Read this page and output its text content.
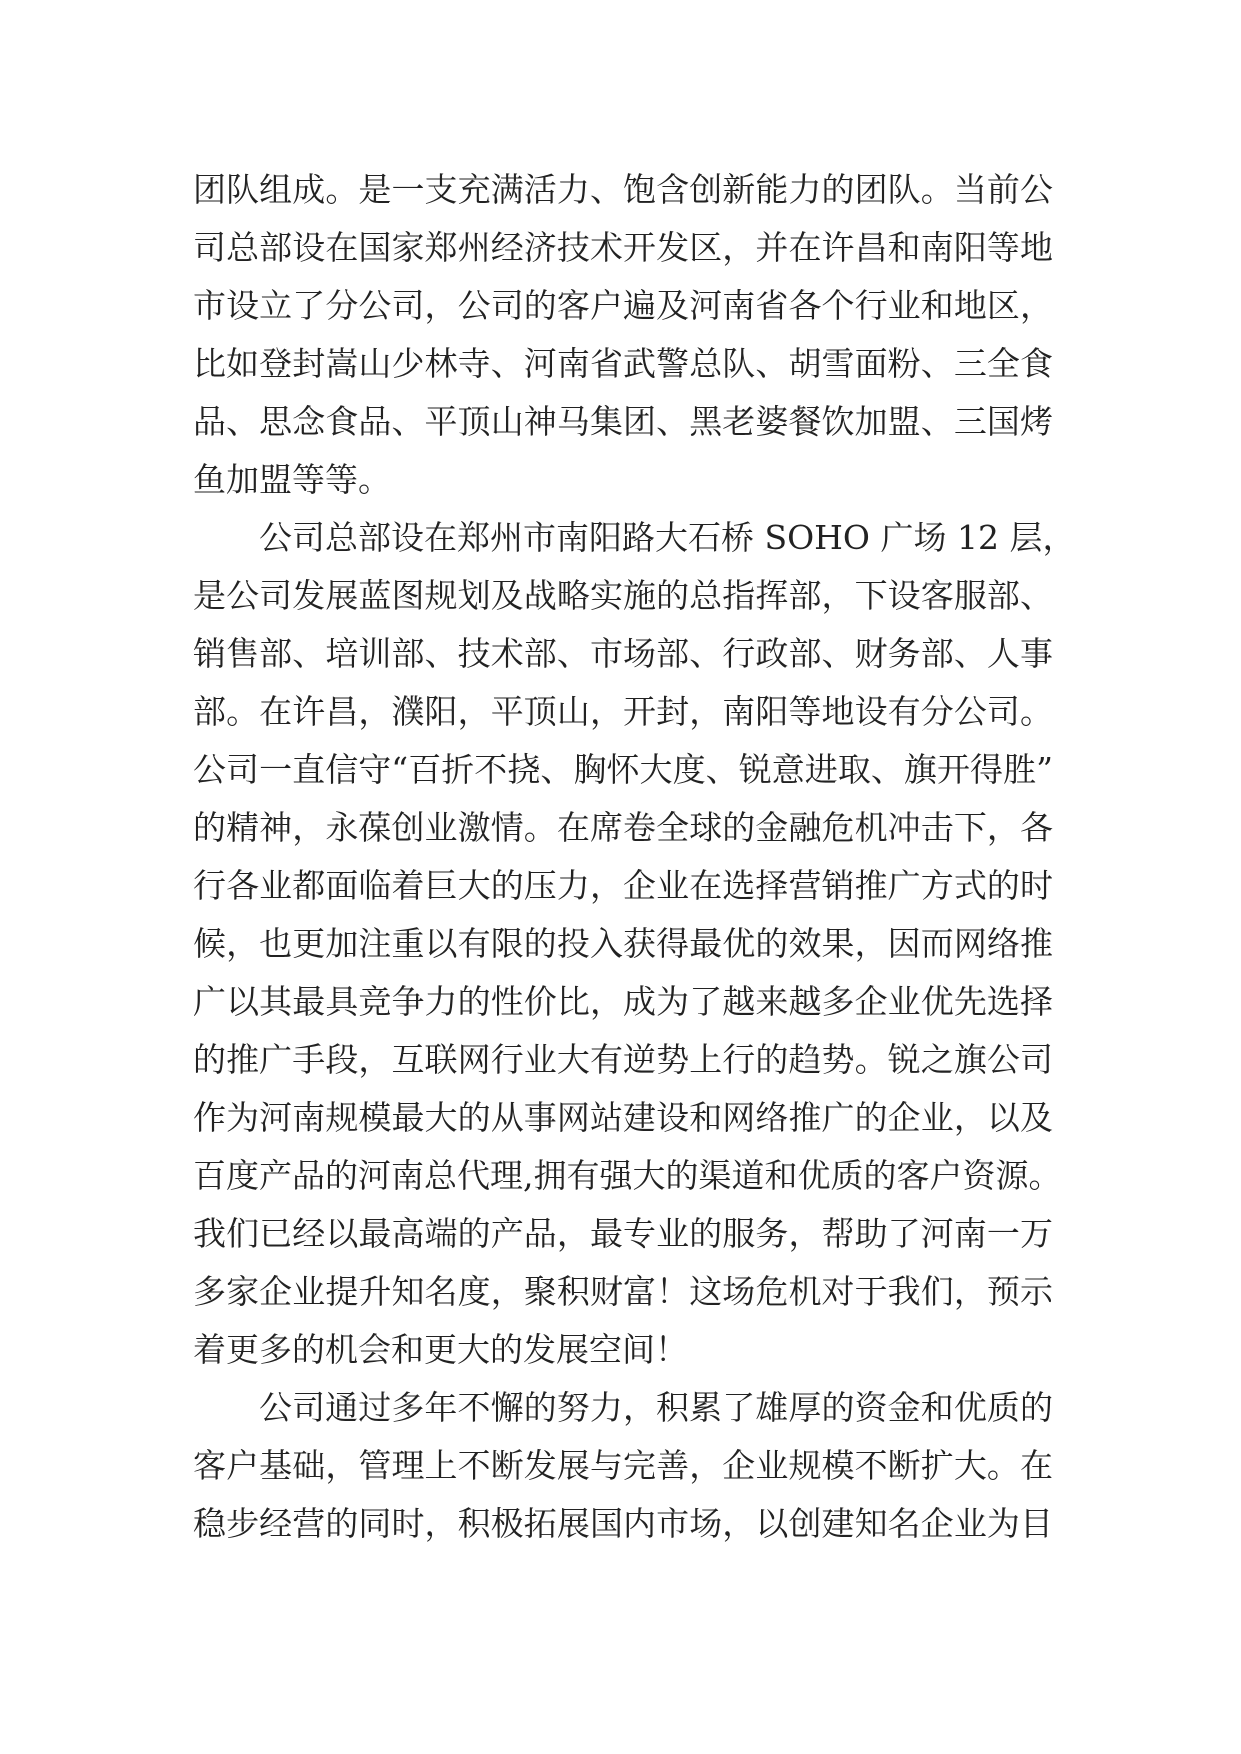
团队组成。是一支充满活力、饱含创新能力的团队。当前公
司总部设在国家郑州经济技术开发区，并在许昌和南阳等地
市设立了分公司，公司的客户遍及河南省各个行业和地区，
比如登封嵩山少林寺、河南省武警总队、胡雪面粉、三全食
品、思念食品、平顶山神马集团、黑老婆餐饮加盟、三国烤
鱼加盟等等。
公司总部设在郑州市南阳路大石桥 SOHO 广场 12 层，
是公司发展蓝图规划及战略实施的总指挥部，下设客服部、
销售部、培训部、技术部、市场部、行政部、财务部、人事
部。在许昌，濮阳，平顶山，开封，南阳等地设有分公司。
公司一直信守“百折不挠、胸怀大度、锐意进取、旗开得胜”
的精神，永葆创业激情。在席卷全球的金融危机冲击下，各
行各业都面临着巨大的压力，企业在选择营销推广方式的时
候，也更加注重以有限的投入获得最优的效果，因而网络推
广以其最具竞争力的性价比，成为了越来越多企业优先选择
的推广手段，互联网行业大有逆势上行的趋势。锐之旗公司
作为河南规模最大的从事网站建设和网络推广的企业，以及
百度产品的河南总代理,拥有强大的渠道和优质的客户资源。
我们已经以最高端的产品，最专业的服务，帮助了河南一万
多家企业提升知名度，聚积财富！这场危机对于我们，预示
着更多的机会和更大的发展空间！
公司通过多年不懈的努力，积累了雄厚的资金和优质的
客户基础，管理上不断发展与完善，企业规模不断扩大。在
稳步经营的同时，积极拓展国内市场，以创建知名企业为目
